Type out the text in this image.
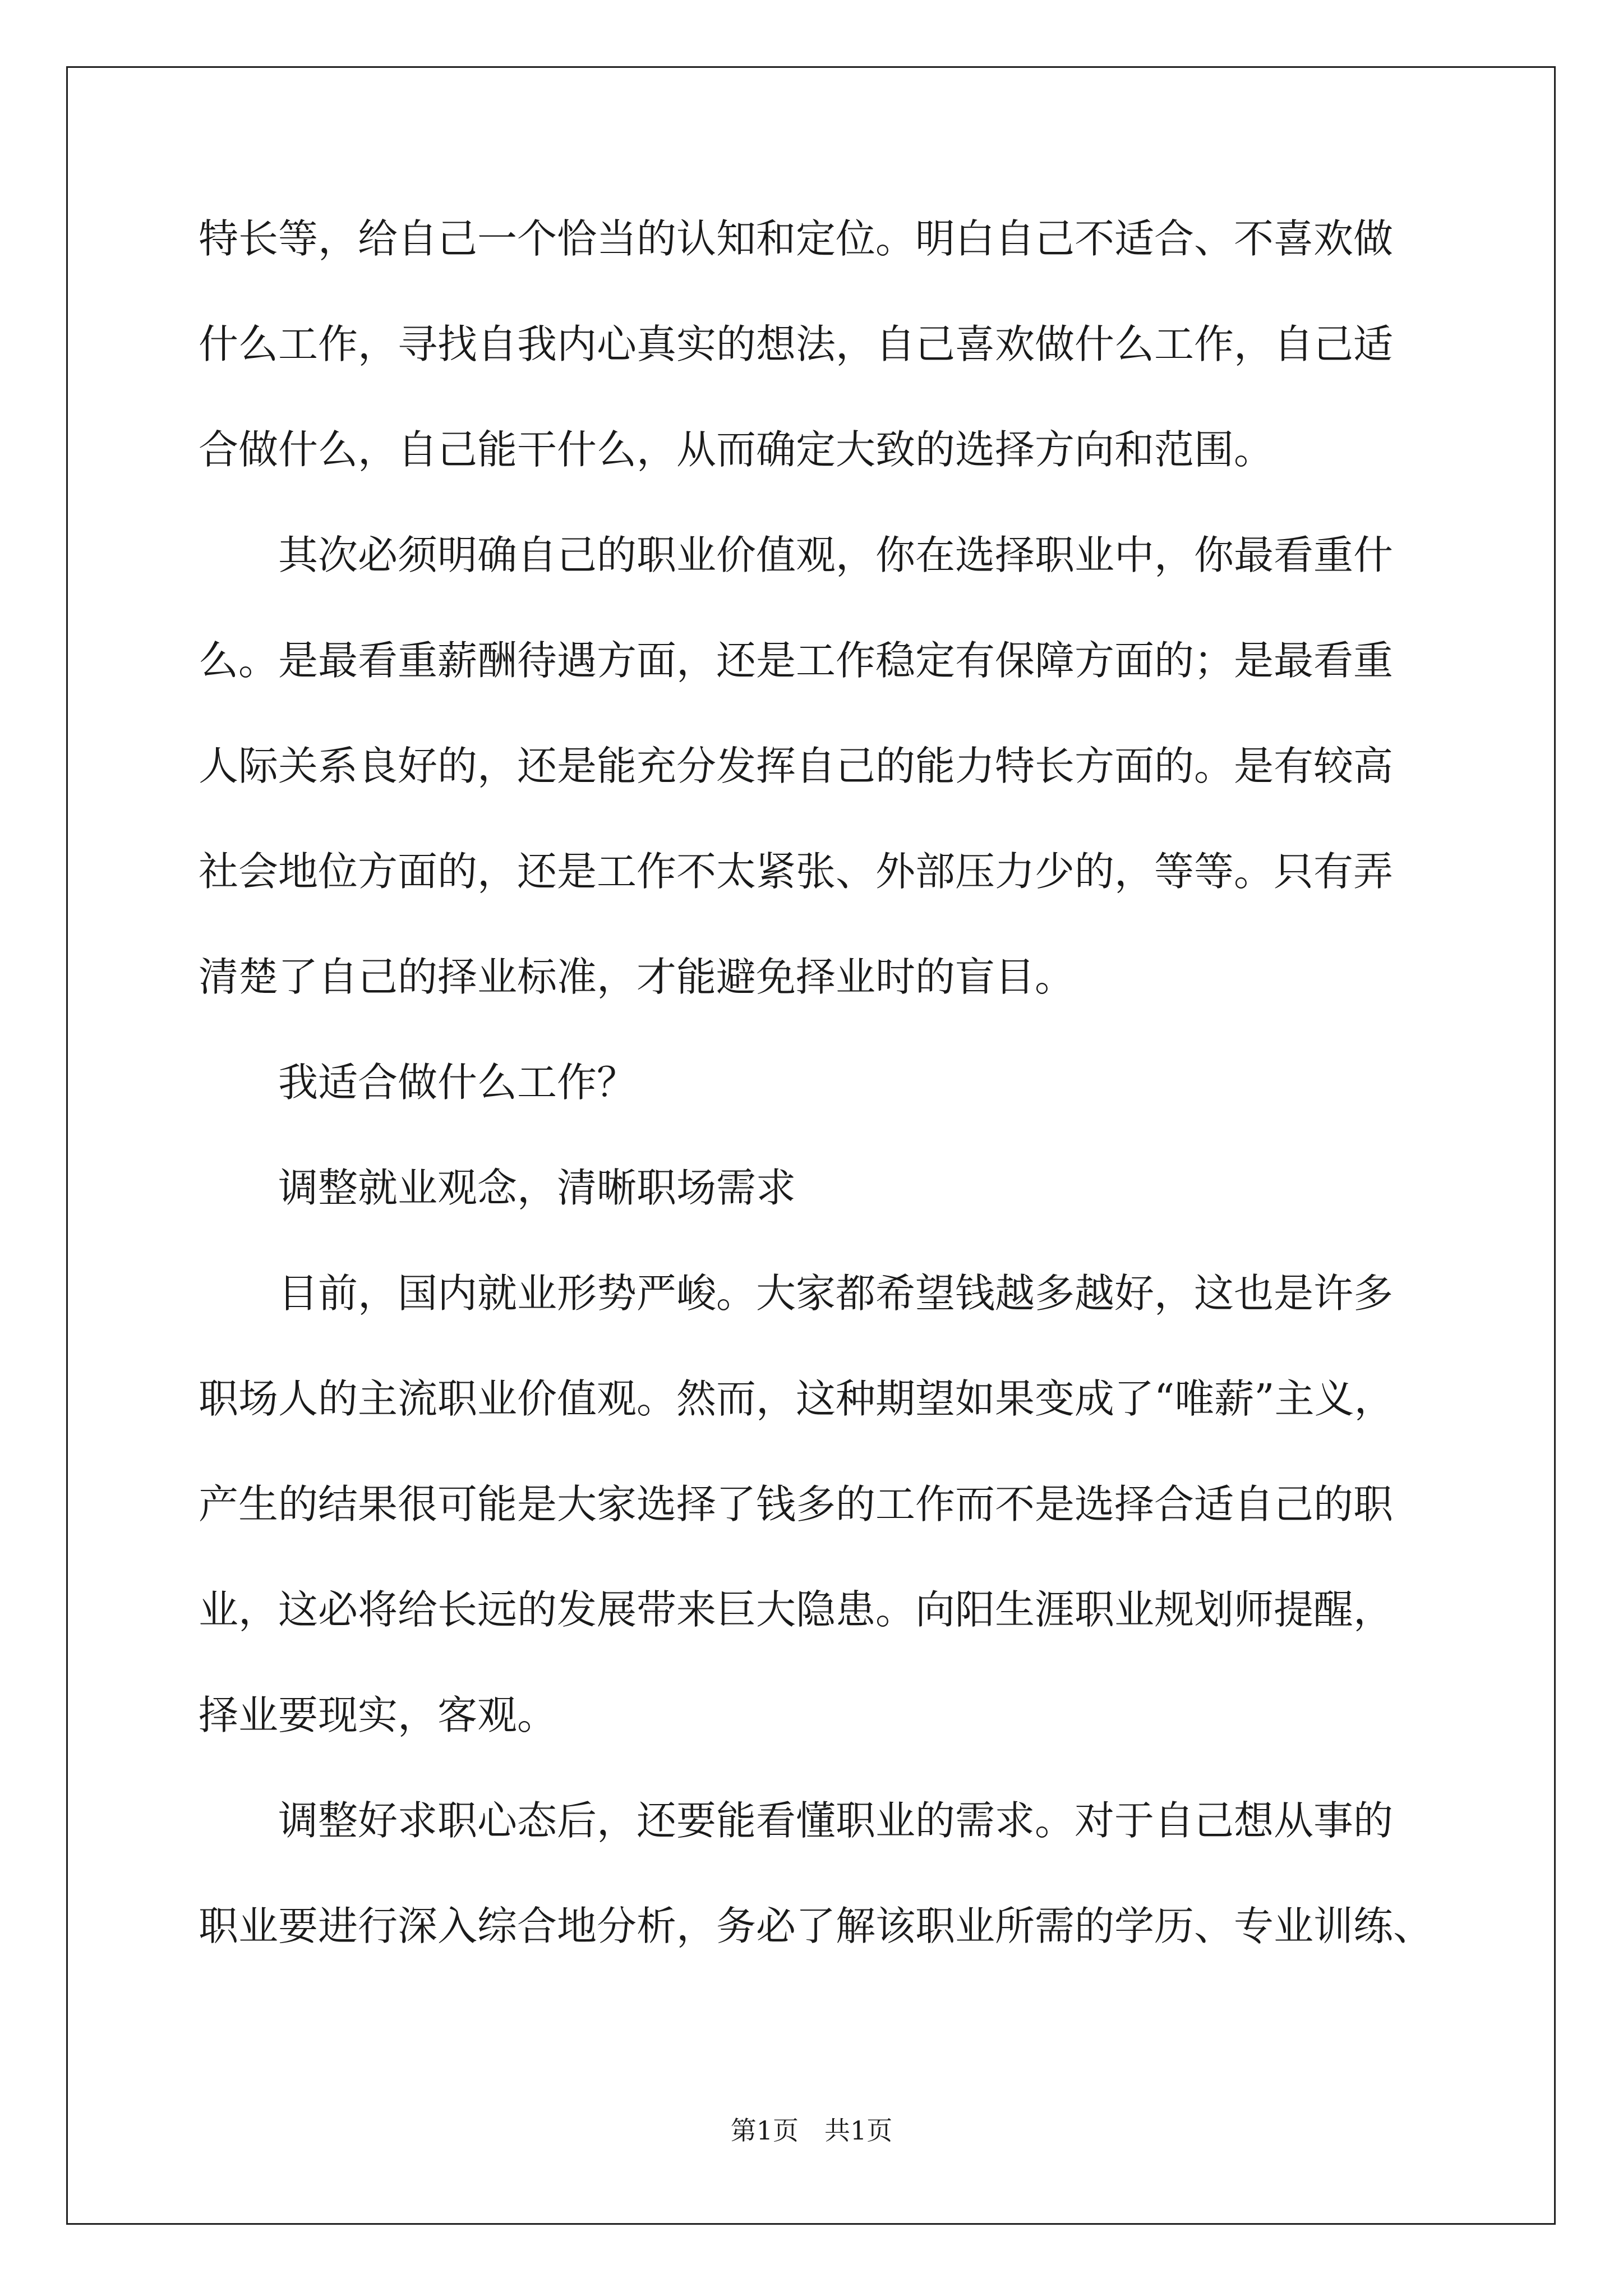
特长等，给自己一个恰当的认知和定位。明白自己不适合、不喜欢做
什么工作，寻找自我内心真实的想法，自己喜欢做什么工作，自己适
合做什么，自己能干什么，从而确定大致的选择方向和范围。
　　其次必须明确自己的职业价值观，你在选择职业中，你最看重什
么。是最看重薪酬待遇方面，还是工作稳定有保障方面的；是最看重
人际关系良好的，还是能充分发挥自己的能力特长方面的。是有较高
社会地位方面的，还是工作不太紧张、外部压力少的，等等。只有弄
清楚了自己的择业标准，才能避免择业时的盲目。
　　我适合做什么工作？
　　调整就业观念，清晰职场需求
　　目前，国内就业形势严峻。大家都希望钱越多越好，这也是许多
职场人的主流职业价值观。然而，这种期望如果变成了“唯薪”主义，
产生的结果很可能是大家选择了钱多的工作而不是选择合适自己的职
业，这必将给长远的发展带来巨大隐患。向阳生涯职业规划师提醒，
择业要现实，客观。
　　调整好求职心态后，还要能看懂职业的需求。对于自己想从事的
职业要进行深入综合地分析，务必了解该职业所需的学历、专业训练、
第1页　共1页
